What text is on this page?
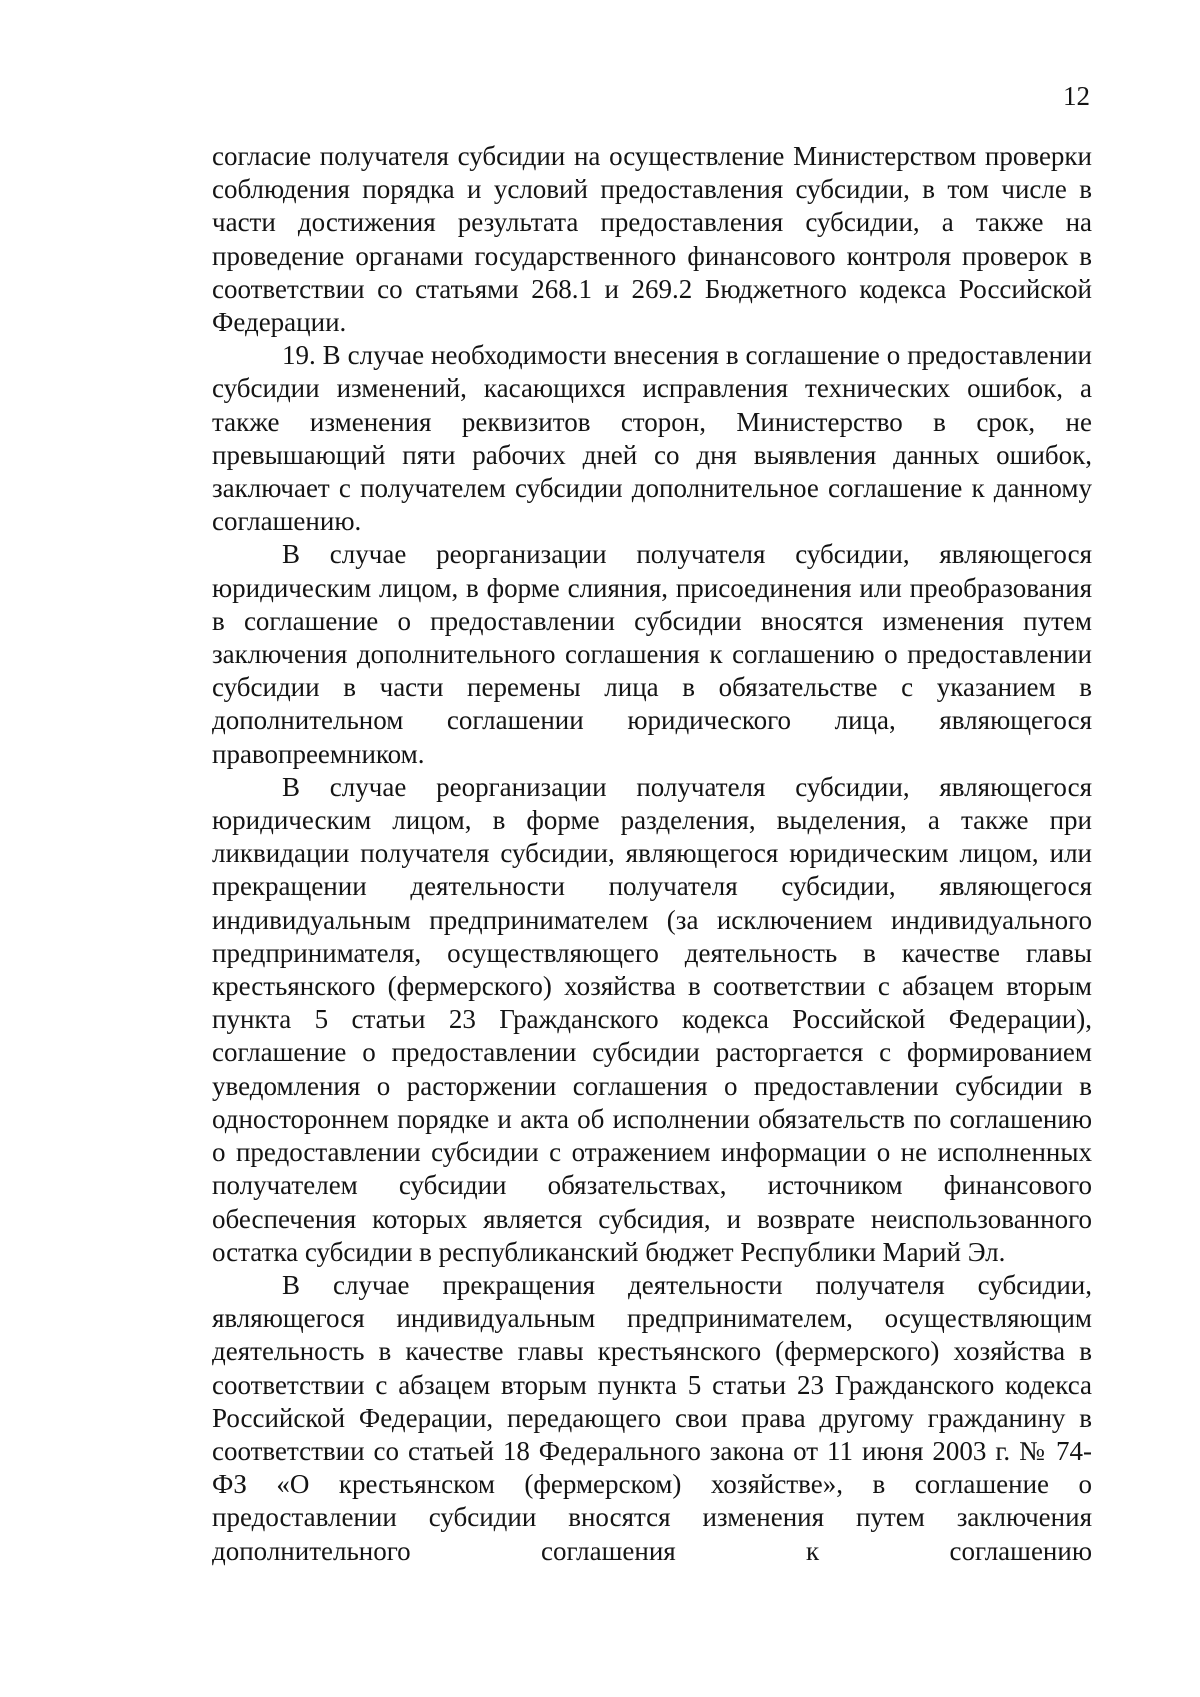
12

согласие получателя субсидии на осуществление Министерством проверки соблюдения порядка и условий предоставления субсидии, в том числе в части достижения результата предоставления субсидии, а также на проведение органами государственного финансового контроля проверок в соответствии со статьями 268.1 и 269.2 Бюджетного кодекса Российской Федерации.

19. В случае необходимости внесения в соглашение о предоставлении субсидии изменений, касающихся исправления технических ошибок, а также изменения реквизитов сторон, Министерство в срок, не превышающий пяти рабочих дней со дня выявления данных ошибок, заключает с получателем субсидии дополнительное соглашение к данному соглашению.

В случае реорганизации получателя субсидии, являющегося юридическим лицом, в форме слияния, присоединения или преобразования в соглашение о предоставлении субсидии вносятся изменения путем заключения дополнительного соглашения к соглашению о предоставлении субсидии в части перемены лица в обязательстве с указанием в дополнительном соглашении юридического лица, являющегося правопреемником.

В случае реорганизации получателя субсидии, являющегося юридическим лицом, в форме разделения, выделения, а также при ликвидации получателя субсидии, являющегося юридическим лицом, или прекращении деятельности получателя субсидии, являющегося индивидуальным предпринимателем (за исключением индивидуального предпринимателя, осуществляющего деятельность в качестве главы крестьянского (фермерского) хозяйства в соответствии с абзацем вторым пункта 5 статьи 23 Гражданского кодекса Российской Федерации), соглашение о предоставлении субсидии расторгается с формированием уведомления о расторжении соглашения о предоставлении субсидии в одностороннем порядке и акта об исполнении обязательств по соглашению о предоставлении субсидии с отражением информации о не исполненных получателем субсидии обязательствах, источником финансового обеспечения которых является субсидия, и возврате неиспользованного остатка субсидии в республиканский бюджет Республики Марий Эл.

В случае прекращения деятельности получателя субсидии, являющегося индивидуальным предпринимателем, осуществляющим деятельность в качестве главы крестьянского (фермерского) хозяйства в соответствии с абзацем вторым пункта 5 статьи 23 Гражданского кодекса Российской Федерации, передающего свои права другому гражданину в соответствии со статьей 18 Федерального закона от 11 июня 2003 г. № 74-ФЗ «О крестьянском (фермерском) хозяйстве», в соглашение о предоставлении субсидии вносятся изменения путем заключения дополнительного соглашения к соглашению
